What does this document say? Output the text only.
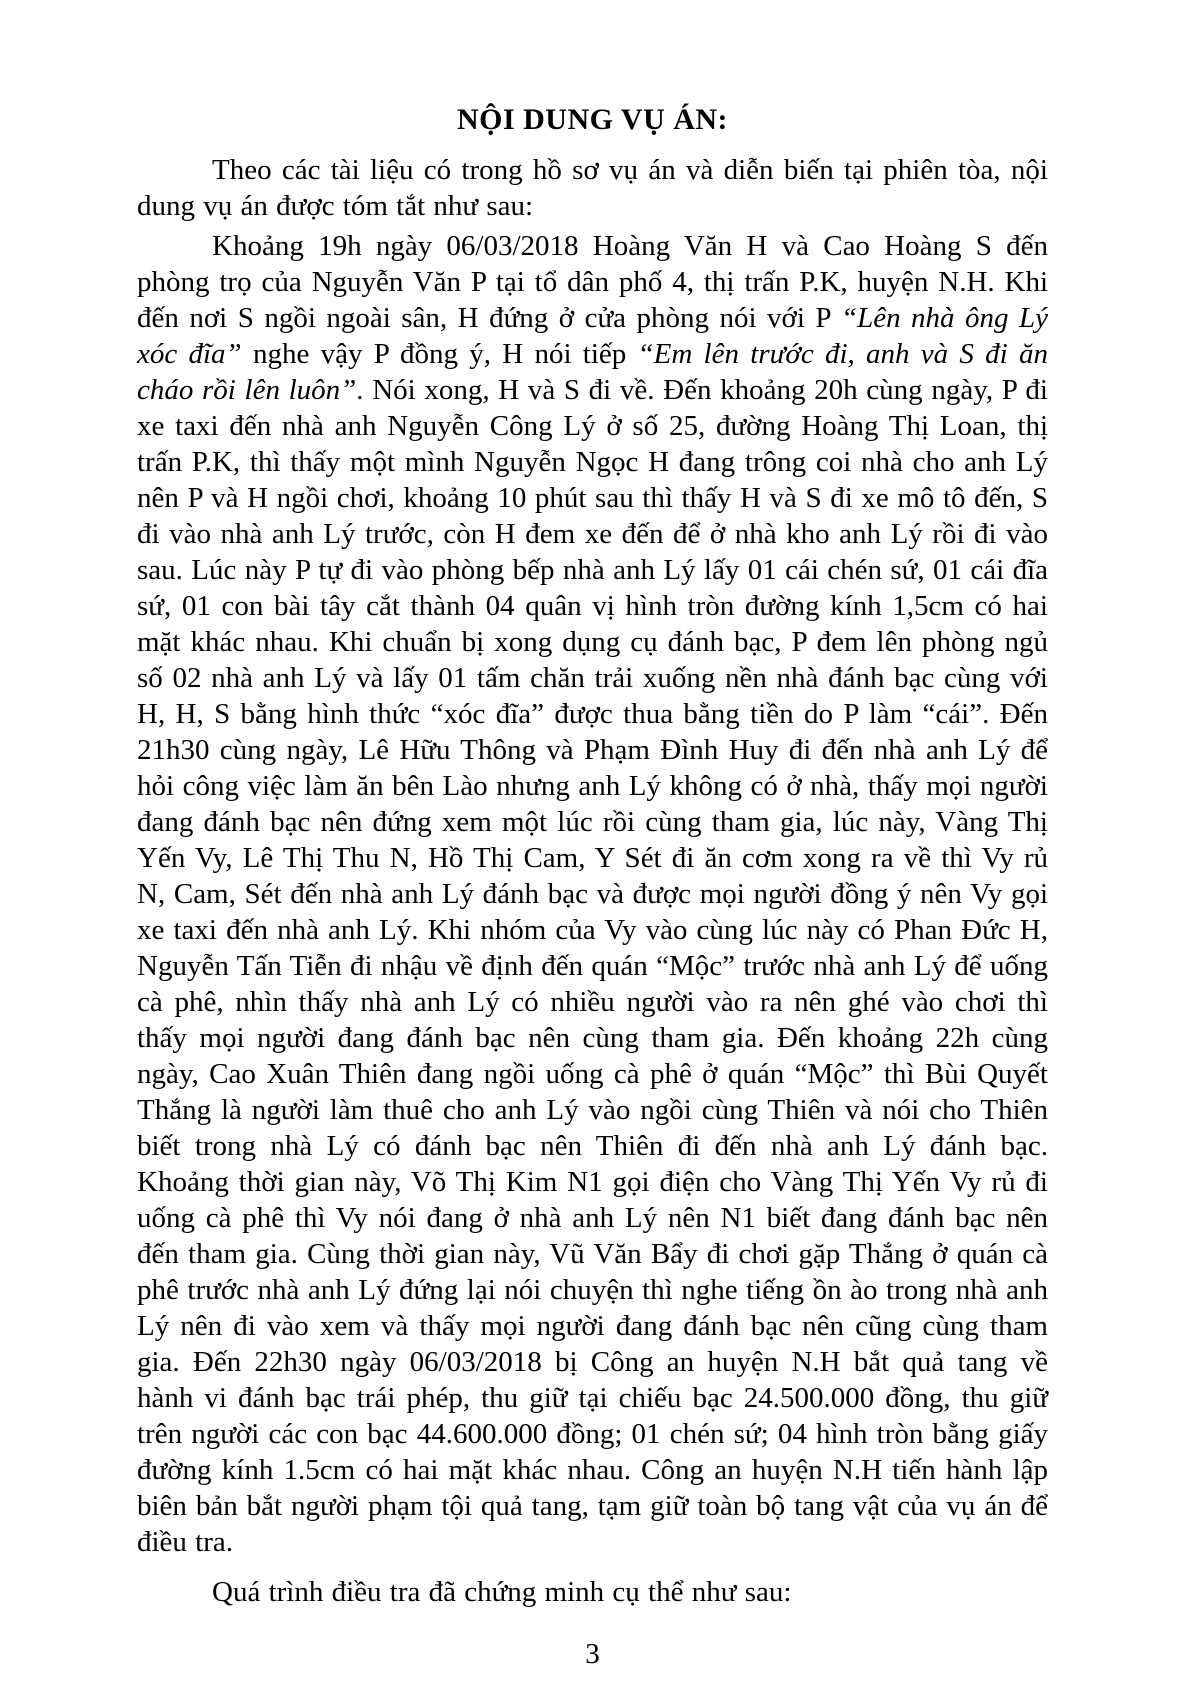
NỘI DUNG VỤ ÁN:

Theo các tài liệu có trong hồ sơ vụ án và diễn biến tại phiên tòa, nội dung vụ án được tóm tắt như sau:

Khoảng 19h ngày 06/03/2018 Hoàng Văn H và Cao Hoàng S đến phòng trọ của Nguyễn Văn P tại tổ dân phố 4, thị trấn P.K, huyện N.H. Khi đến nơi S ngồi ngoài sân, H đứng ở cửa phòng nói với P “Lên nhà ông Lý xóc đĩa” nghe vậy P đồng ý, H nói tiếp “Em lên trước đi, anh và S đi ăn cháo rồi lên luôn”. Nói xong, H và S đi về. Đến khoảng 20h cùng ngày, P đi xe taxi đến nhà anh Nguyễn Công Lý ở số 25, đường Hoàng Thị Loan, thị trấn P.K, thì thấy một mình Nguyễn Ngọc H đang trông coi nhà cho anh Lý nên P và H ngồi chơi, khoảng 10 phút sau thì thấy H và S đi xe mô tô đến, S đi vào nhà anh Lý trước, còn H đem xe đến để ở nhà kho anh Lý rồi đi vào sau. Lúc này P tự đi vào phòng bếp nhà anh Lý lấy 01 cái chén sứ, 01 cái đĩa sứ, 01 con bài tây cắt thành 04 quân vị hình tròn đường kính 1,5cm có hai mặt khác nhau. Khi chuẩn bị xong dụng cụ đánh bạc, P đem lên phòng ngủ số 02 nhà anh Lý và lấy 01 tấm chăn trải xuống nền nhà đánh bạc cùng với H, H, S bằng hình thức “xóc đĩa” được thua bằng tiền do P làm “cái”. Đến 21h30 cùng ngày, Lê Hữu Thông và Phạm Đình Huy đi đến nhà anh Lý để hỏi công việc làm ăn bên Lào nhưng anh Lý không có ở nhà, thấy mọi người đang đánh bạc nên đứng xem một lúc rồi cùng tham gia, lúc này, Vàng Thị Yến Vy, Lê Thị Thu N, Hồ Thị Cam, Y Sét đi ăn cơm xong ra về thì Vy rủ N, Cam, Sét đến nhà anh Lý đánh bạc và được mọi người đồng ý nên Vy gọi xe taxi đến nhà anh Lý. Khi nhóm của Vy vào cùng lúc này có Phan Đức H, Nguyễn Tấn Tiễn đi nhậu về định đến quán “Mộc” trước nhà anh Lý để uống cà phê, nhìn thấy nhà anh Lý có nhiều người vào ra nên ghé vào chơi thì thấy mọi người đang đánh bạc nên cùng tham gia. Đến khoảng 22h cùng ngày, Cao Xuân Thiên đang ngồi uống cà phê ở quán “Mộc” thì Bùi Quyết Thắng là người làm thuê cho anh Lý vào ngồi cùng Thiên và nói cho Thiên biết trong nhà Lý có đánh bạc nên Thiên đi đến nhà anh Lý đánh bạc. Khoảng thời gian này, Võ Thị Kim N1 gọi điện cho Vàng Thị Yến Vy rủ đi uống cà phê thì Vy nói đang ở nhà anh Lý nên N1 biết đang đánh bạc nên đến tham gia. Cùng thời gian này, Vũ Văn Bẩy đi chơi gặp Thắng ở quán cà phê trước nhà anh Lý đứng lại nói chuyện thì nghe tiếng ồn ào trong nhà anh Lý nên đi vào xem và thấy mọi người đang đánh bạc nên cũng cùng tham gia. Đến 22h30 ngày 06/03/2018 bị Công an huyện N.H bắt quả tang về hành vi đánh bạc trái phép, thu giữ tại chiếu bạc 24.500.000 đồng, thu giữ trên người các con bạc 44.600.000 đồng; 01 chén sứ; 04 hình tròn bằng giấy đường kính 1.5cm có hai mặt khác nhau. Công an huyện N.H tiến hành lập biên bản bắt người phạm tội quả tang, tạm giữ toàn bộ tang vật của vụ án để điều tra.

Quá trình điều tra đã chứng minh cụ thể như sau:

3
